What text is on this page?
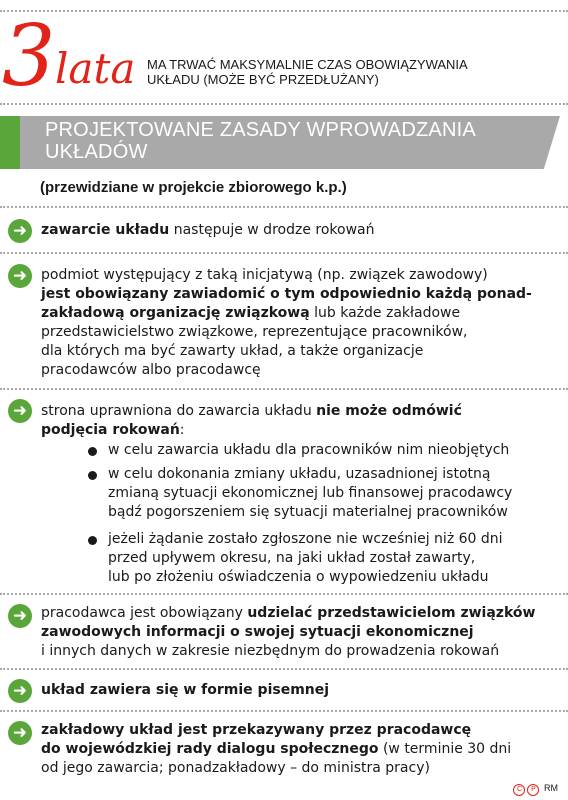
3 lata MA TRWAĆ MAKSYMALNIE CZAS OBOWIĄZYWANIA
UKŁADU (MOŻE BYĆ PRZEDŁUŻANY)
PROJEKTOWANE ZASADY WPROWADZANIA
UKŁADÓW
(przewidziane w projekcie zbiorowego k.p.)
➜ zawarcie układu następuje w drodze rokowań
➜ podmiot występujący z taką inicjatywą (np. związek zawodowy)
jest obowiązany zawiadomić o tym odpowiednio każdą ponad-
zakładową organizację związkową lub każde zakładowe
przedstawicielstwo związkowe, reprezentujące pracowników,
dla których ma być zawarty układ, a także organizacje
pracodawców albo pracodawcę
➜ strona uprawniona do zawarcia układu nie może odmówić
podjęcia rokowań:
w celu zawarcia układu dla pracowników nim nieobjętych
w celu dokonania zmiany układu, uzasadnionej istotną
zmianą sytuacji ekonomicznej lub finansowej pracodawcy
bądź pogorszeniem się sytuacji materialnej pracowników
jeżeli żądanie zostało zgłoszone nie wcześniej niż 60 dni
przed upływem okresu, na jaki układ został zawarty,
lub po złożeniu oświadczenia o wypowiedzeniu układu
➜ pracodawca jest obowiązany udzielać przedstawicielom związków
zawodowych informacji o swojej sytuacji ekonomicznej
i innych danych w zakresie niezbędnym do prowadzenia rokowań
➜ układ zawiera się w formie pisemnej
➜ zakładowy układ jest przekazywany przez pracodawcę
do wojewódzkiej rady dialogu społecznego (w terminie 30 dni
od jego zawarcia; ponadzakładowy – do ministra pracy)
C P RM
